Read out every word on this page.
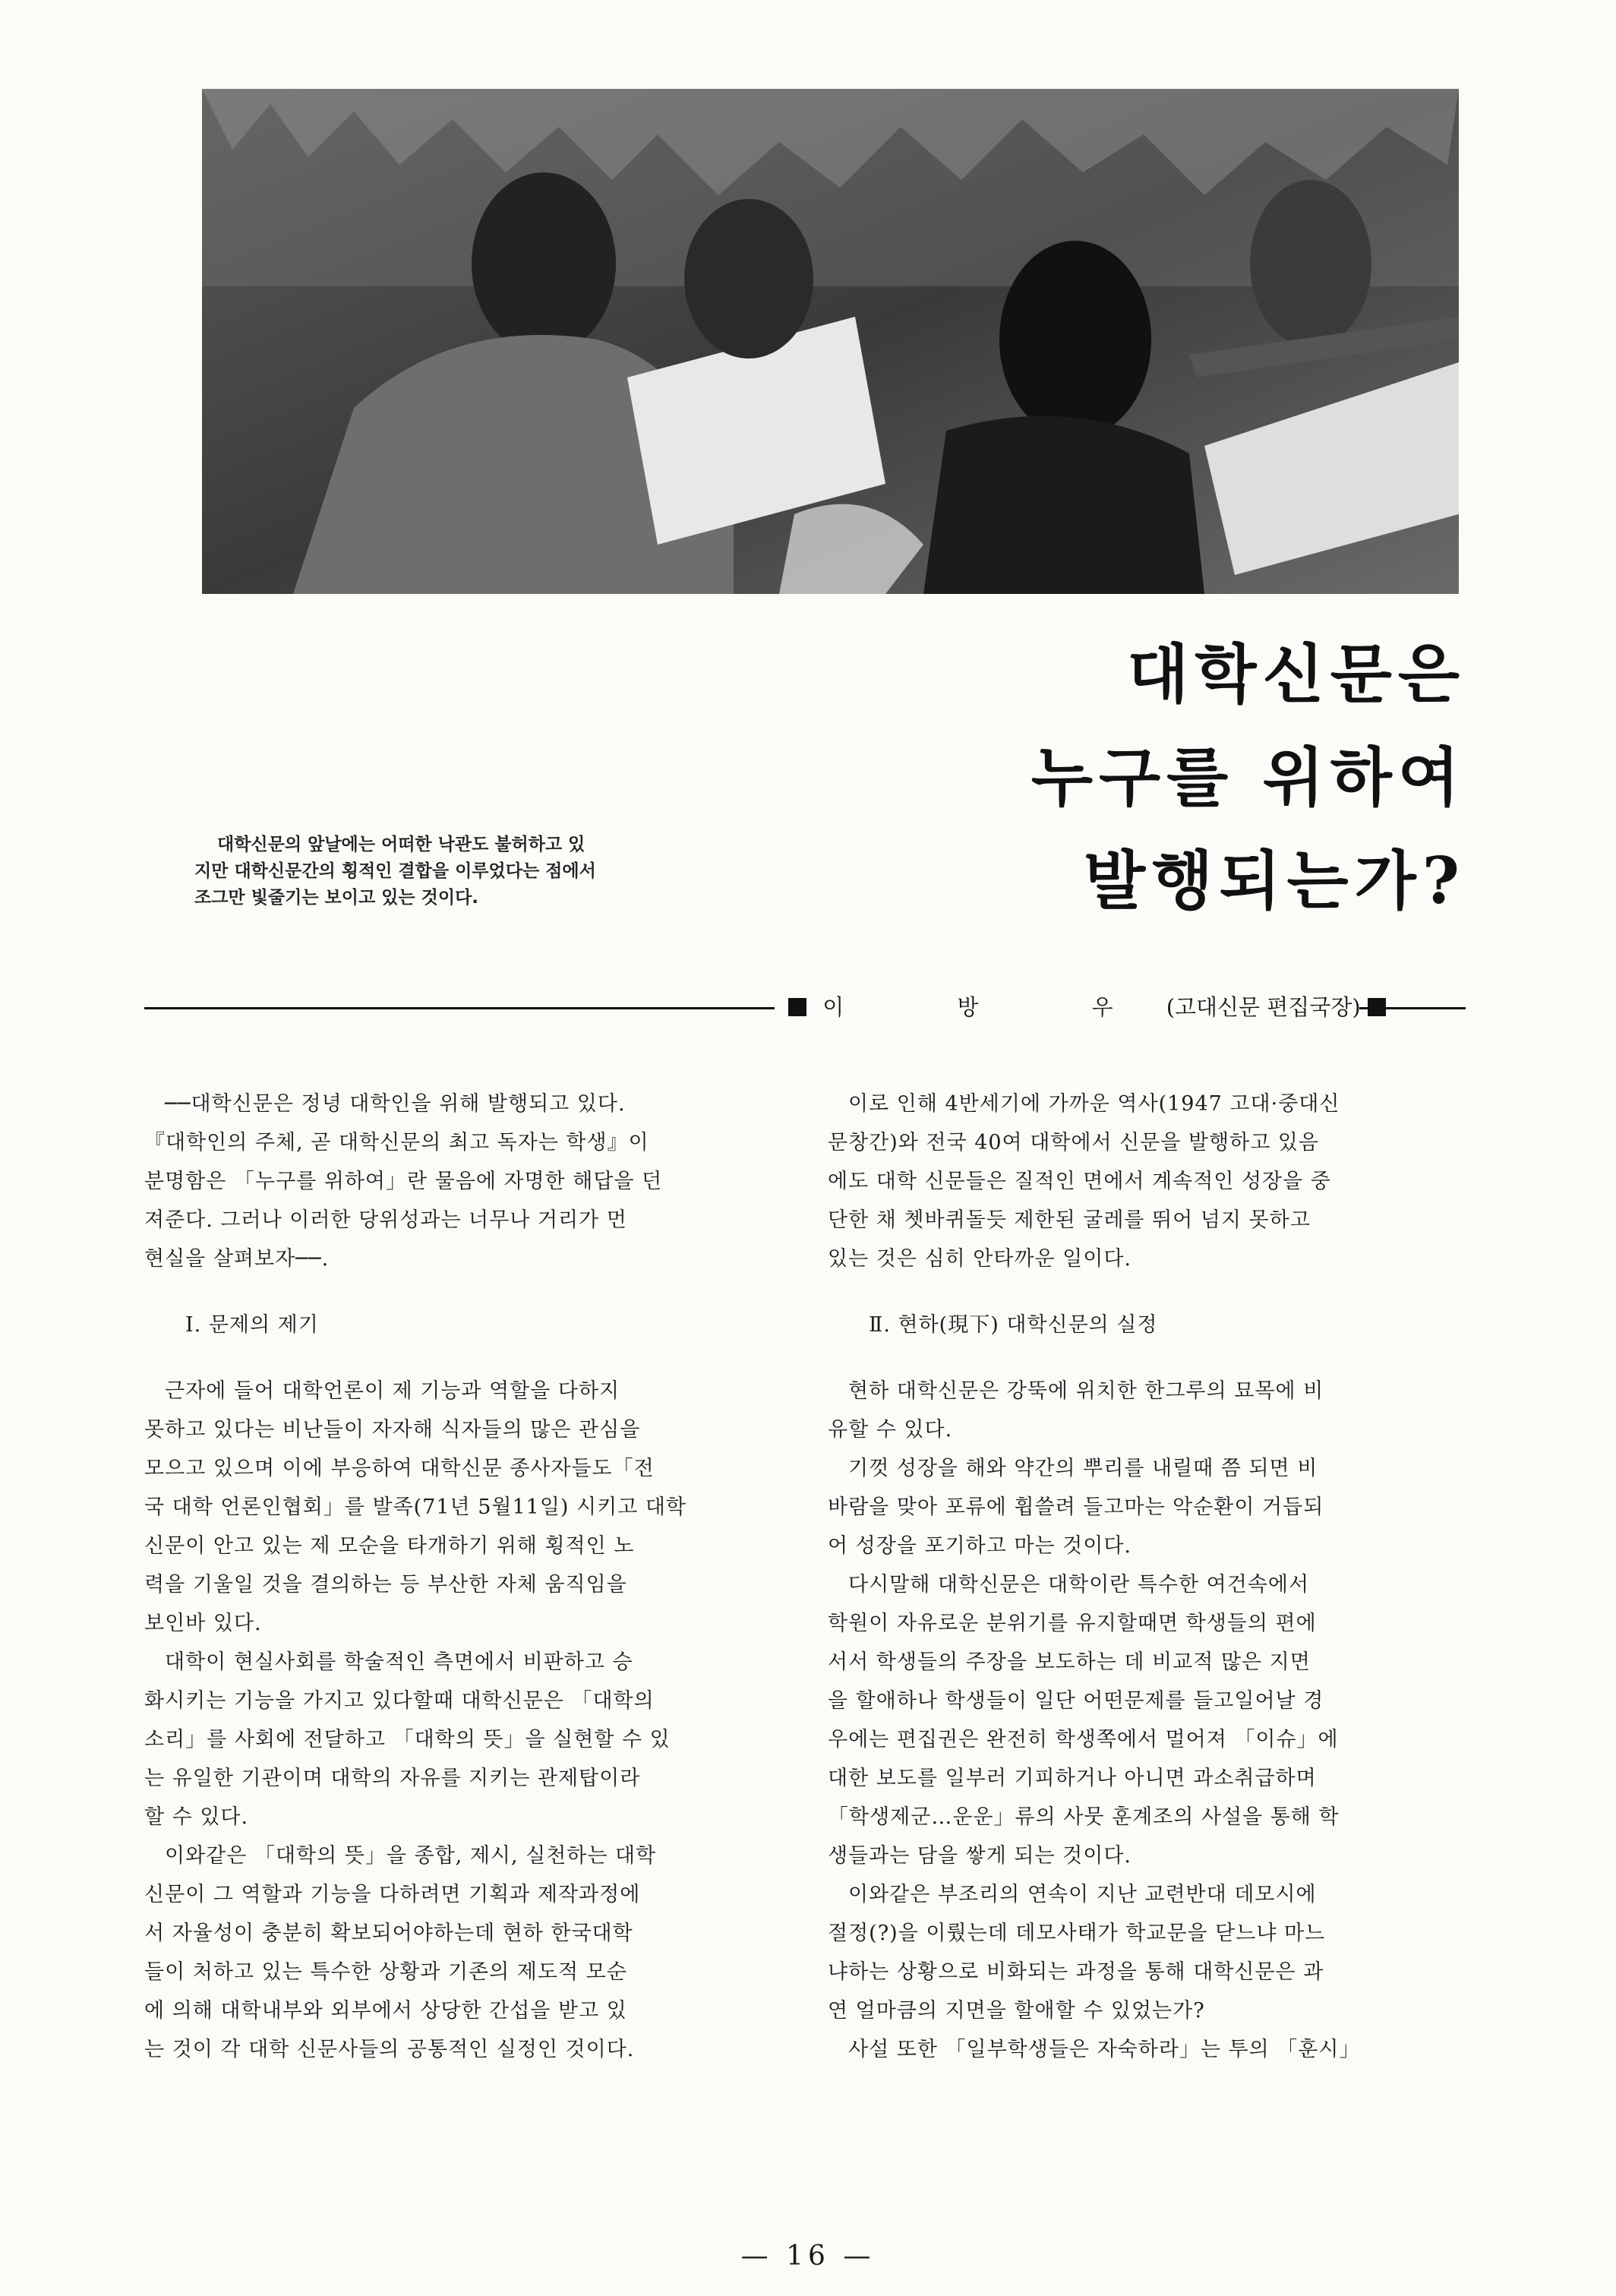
대학신문의 앞날에는 어떠한 낙관도 불허하고 있
지만 대학신문간의 횡적인 결합을 이루었다는 점에서
조그만 빛줄기는 보이고 있는 것이다.
대학신문은
누구를 위하여
발행되는가?
이 방 우(고대신문 편집국장)
──대학신문은 정녕 대학인을 위해 발행되고 있다.
『대학인의 주체, 곧 대학신문의 최고 독자는 학생』이
분명함은 「누구를 위하여」란 물음에 자명한 해답을 던
져준다. 그러나 이러한 당위성과는 너무나 거리가 먼
현실을 살펴보자──.
Ⅰ. 문제의 제기
근자에 들어 대학언론이 제 기능과 역할을 다하지
못하고 있다는 비난들이 자자해 식자들의 많은 관심을
모으고 있으며 이에 부응하여 대학신문 종사자들도「전
국 대학 언론인협회」를 발족(71년 5월11일) 시키고 대학
신문이 안고 있는 제 모순을 타개하기 위해 횡적인 노
력을 기울일 것을 결의하는 등 부산한 자체 움직임을
보인바 있다.
대학이 현실사회를 학술적인 측면에서 비판하고 승
화시키는 기능을 가지고 있다할때 대학신문은 「대학의
소리」를 사회에 전달하고 「대학의 뜻」을 실현할 수 있
는 유일한 기관이며 대학의 자유를 지키는 관제탑이라
할 수 있다.
이와같은 「대학의 뜻」을 종합, 제시, 실천하는 대학
신문이 그 역할과 기능을 다하려면 기획과 제작과정에
서 자율성이 충분히 확보되어야하는데 현하 한국대학
들이 처하고 있는 특수한 상황과 기존의 제도적 모순
에 의해 대학내부와 외부에서 상당한 간섭을 받고 있
는 것이 각 대학 신문사들의 공통적인 실정인 것이다.
이로 인해 4반세기에 가까운 역사(1947 고대·중대신
문창간)와 전국 40여 대학에서 신문을 발행하고 있음
에도 대학 신문들은 질적인 면에서 계속적인 성장을 중
단한 채 쳇바퀴돌듯 제한된 굴레를 뛰어 넘지 못하고
있는 것은 심히 안타까운 일이다.
Ⅱ. 현하(現下) 대학신문의 실정
현하 대학신문은 강뚝에 위치한 한그루의 묘목에 비
유할 수 있다.
기껏 성장을 해와 약간의 뿌리를 내릴때 쯤 되면 비
바람을 맞아 포류에 휩쓸려 들고마는 악순환이 거듭되
어 성장을 포기하고 마는 것이다.
다시말해 대학신문은 대학이란 특수한 여건속에서
학원이 자유로운 분위기를 유지할때면 학생들의 편에
서서 학생들의 주장을 보도하는 데 비교적 많은 지면
을 할애하나 학생들이 일단 어떤문제를 들고일어날 경
우에는 편집권은 완전히 학생쪽에서 멀어져 「이슈」에
대한 보도를 일부러 기피하거나 아니면 과소취급하며
「학생제군…운운」류의 사뭇 훈계조의 사설을 통해 학
생들과는 담을 쌓게 되는 것이다.
이와같은 부조리의 연속이 지난 교련반대 데모시에
절정(?)을 이뤘는데 데모사태가 학교문을 닫느냐 마느
냐하는 상황으로 비화되는 과정을 통해 대학신문은 과
연 얼마큼의 지면을 할애할 수 있었는가?
사설 또한 「일부학생들은 자숙하라」는 투의 「훈시」
— 16 —
